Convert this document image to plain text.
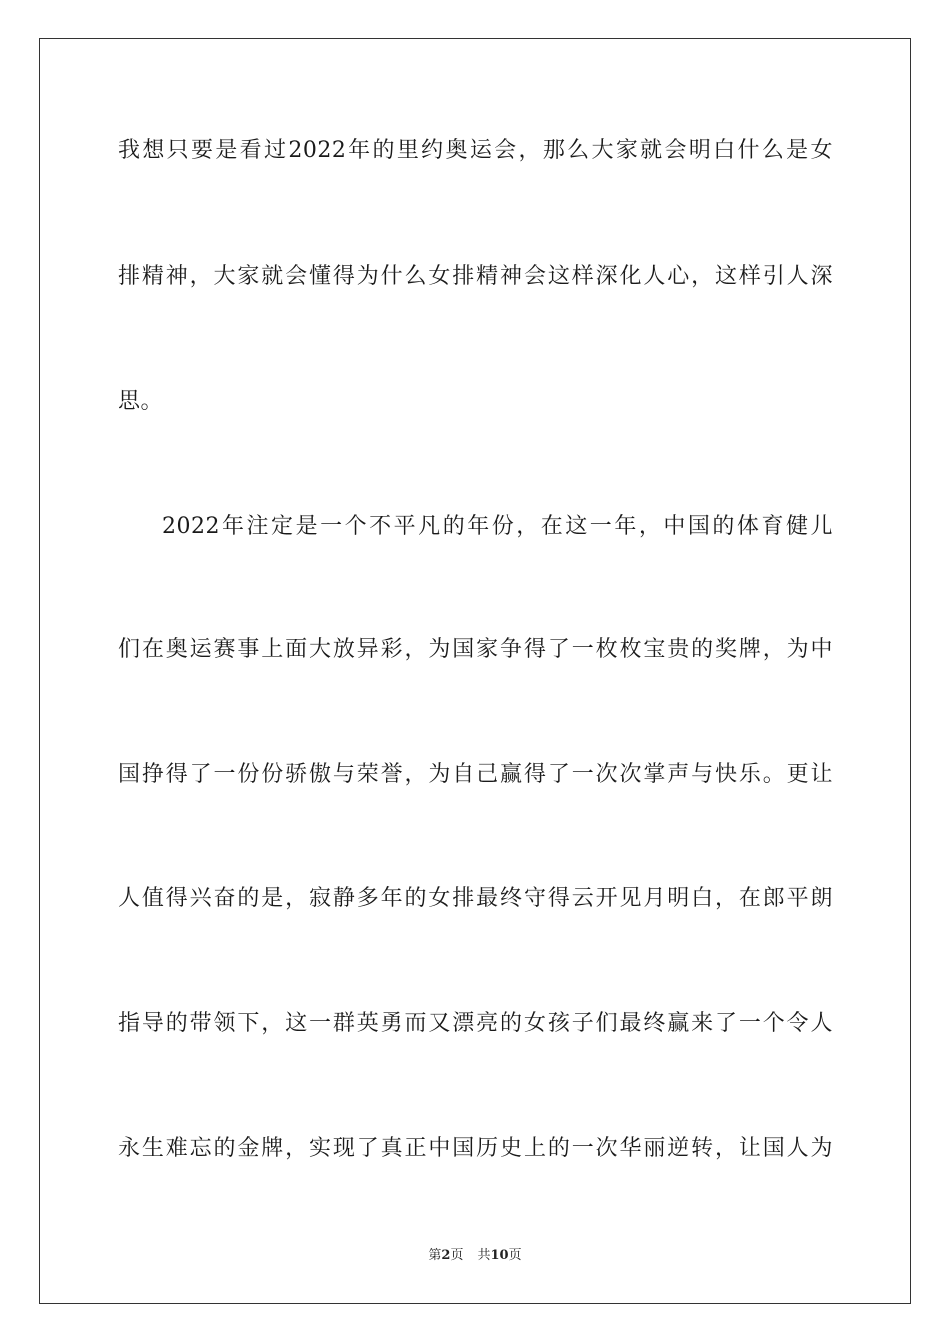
我想只要是看过2022年的里约奥运会，那么大家就会明白什么是女
排精神，大家就会懂得为什么女排精神会这样深化人心，这样引人深
思。
2022年注定是一个不平凡的年份，在这一年，中国的体育健儿
们在奥运赛事上面大放异彩，为国家争得了一枚枚宝贵的奖牌，为中
国挣得了一份份骄傲与荣誉，为自己赢得了一次次掌声与快乐。更让
人值得兴奋的是，寂静多年的女排最终守得云开见月明白，在郎平朗
指导的带领下，这一群英勇而又漂亮的女孩子们最终赢来了一个令人
永生难忘的金牌，实现了真正中国历史上的一次华丽逆转，让国人为
第2页 共10页
